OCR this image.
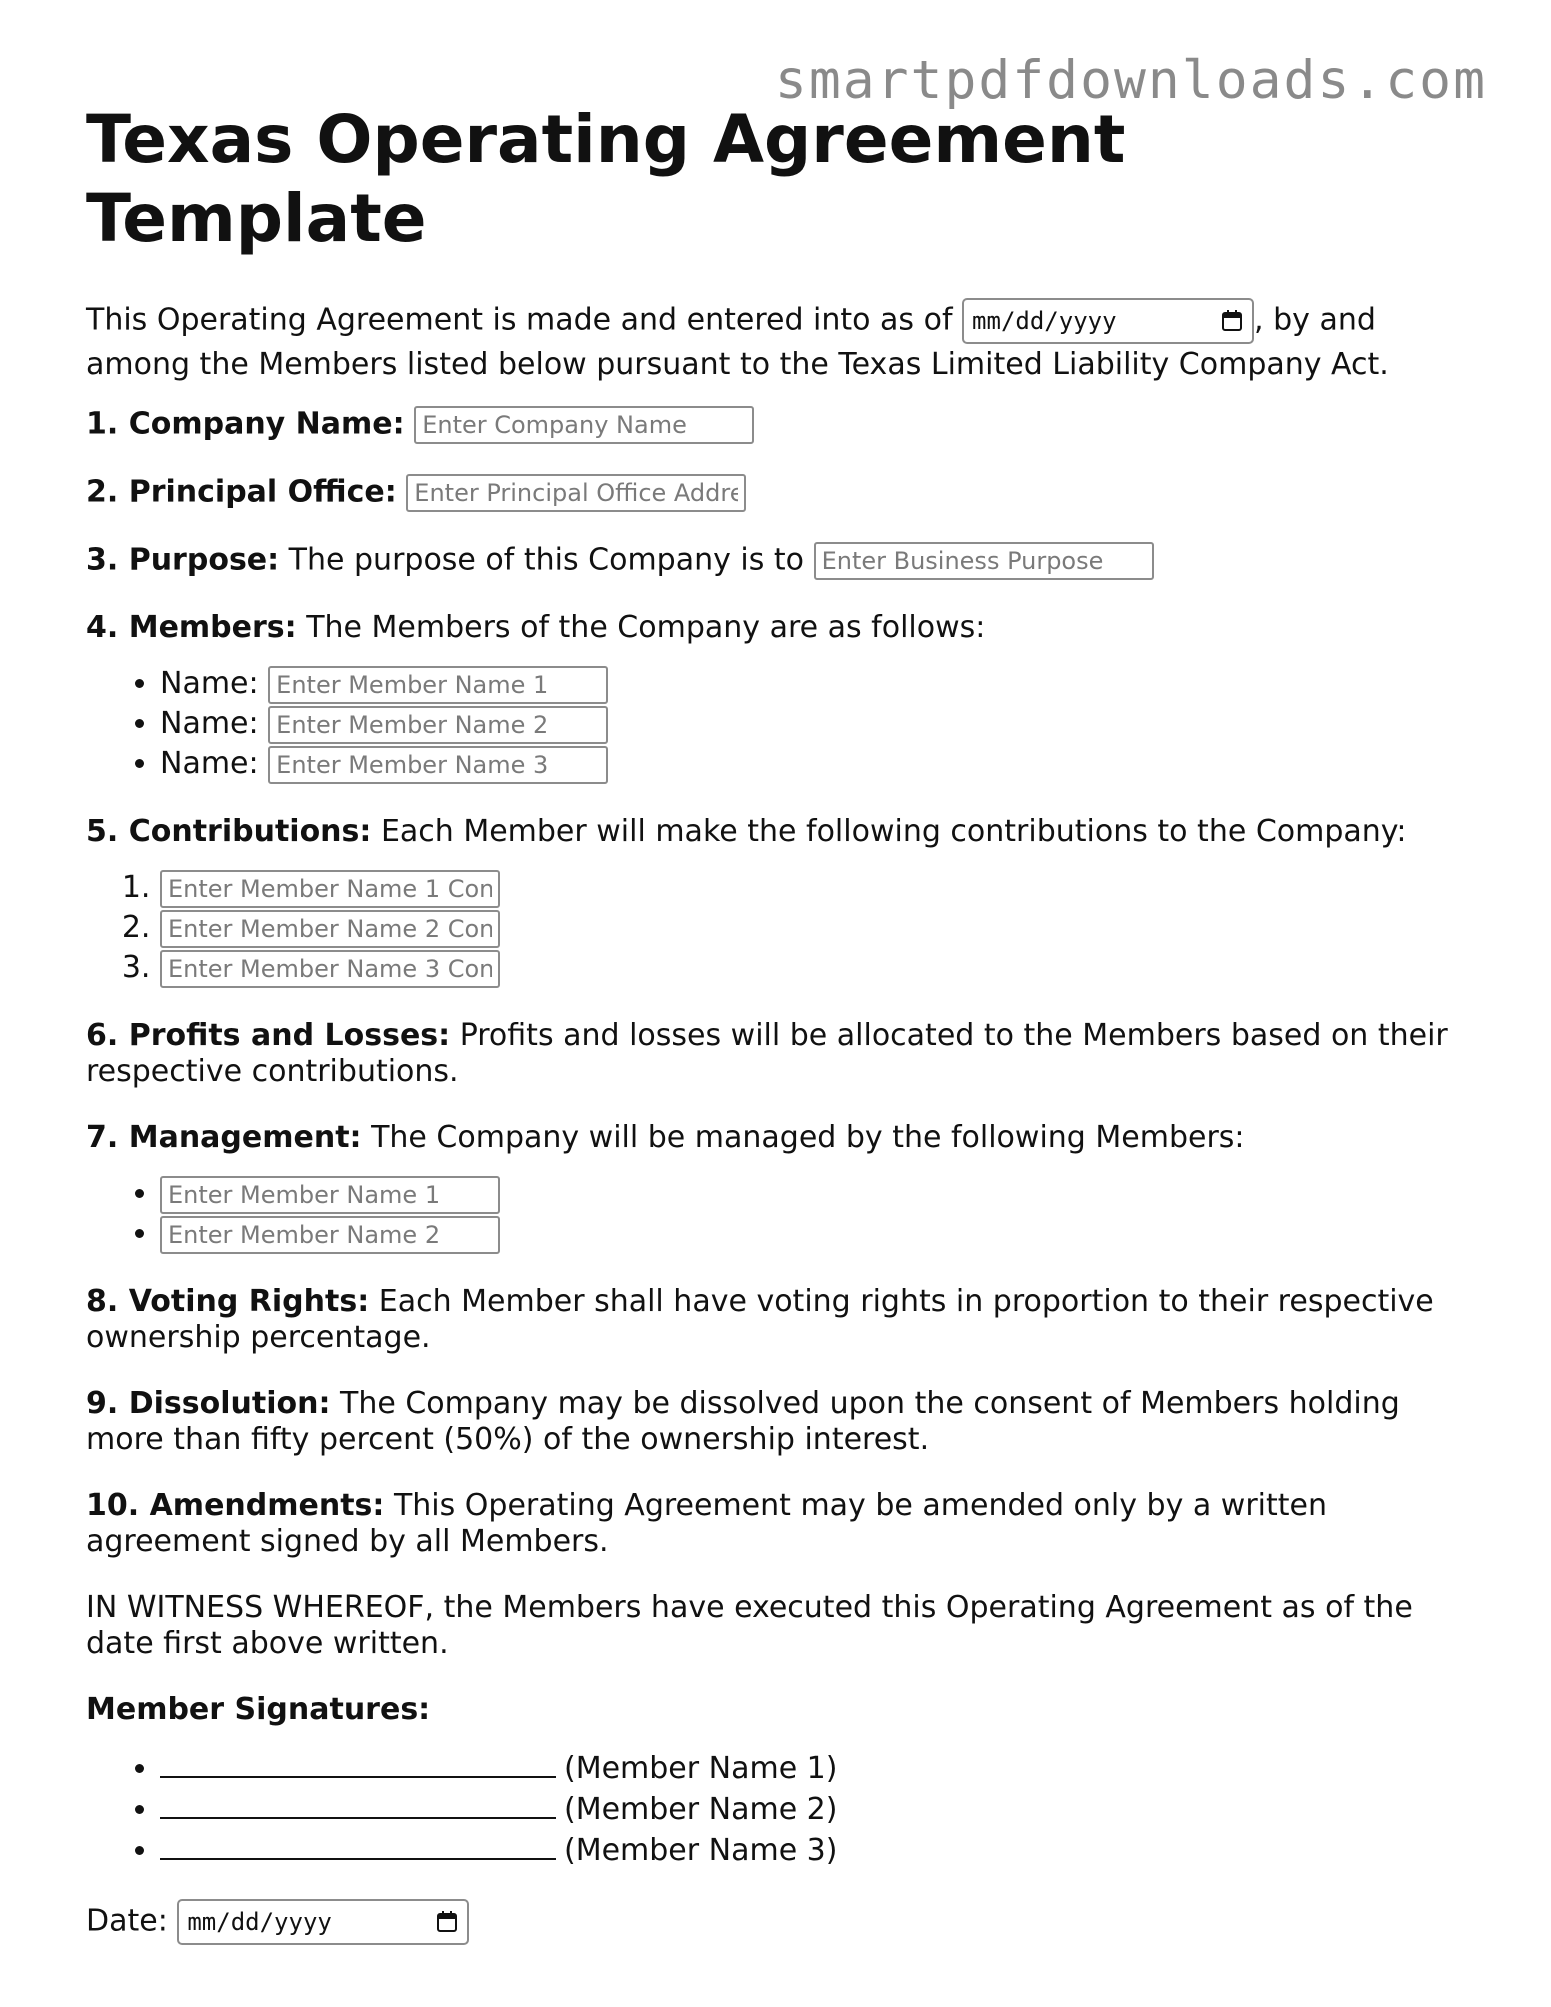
smartpdfdownloads.com
Texas Operating Agreement Template

This Operating Agreement is made and entered into as of mm/dd/yyyy	, by and among the Members listed below pursuant to the Texas Limited Liability Company Act.

1. Company Name: Enter Company Name

2. Principal Office: Enter Principal Office Address

3. Purpose: The purpose of this Company is to Enter Business Purpose

4. Members: The Members of the Company are as follows:

• Name: Enter Member Name 1
• Name: Enter Member Name 2
• Name: Enter Member Name 3

5. Contributions: Each Member will make the following contributions to the Company:

1. Enter Member Name 1 Contribution
2. Enter Member Name 2 Contribution
3. Enter Member Name 3 Contribution

6. Profits and Losses: Profits and losses will be allocated to the Members based on their respective contributions.

7. Management: The Company will be managed by the following Members:

• Enter Member Name 1
• Enter Member Name 2

8. Voting Rights: Each Member shall have voting rights in proportion to their respective ownership percentage.

9. Dissolution: The Company may be dissolved upon the consent of Members holding more than fifty percent (50%) of the ownership interest.

10. Amendments: This Operating Agreement may be amended only by a written agreement signed by all Members.

IN WITNESS WHEREOF, the Members have executed this Operating Agreement as of the date first above written.

Member Signatures:

• (Member Name 1)
• (Member Name 2)
• (Member Name 3)

Date: mm/dd/yyyy
